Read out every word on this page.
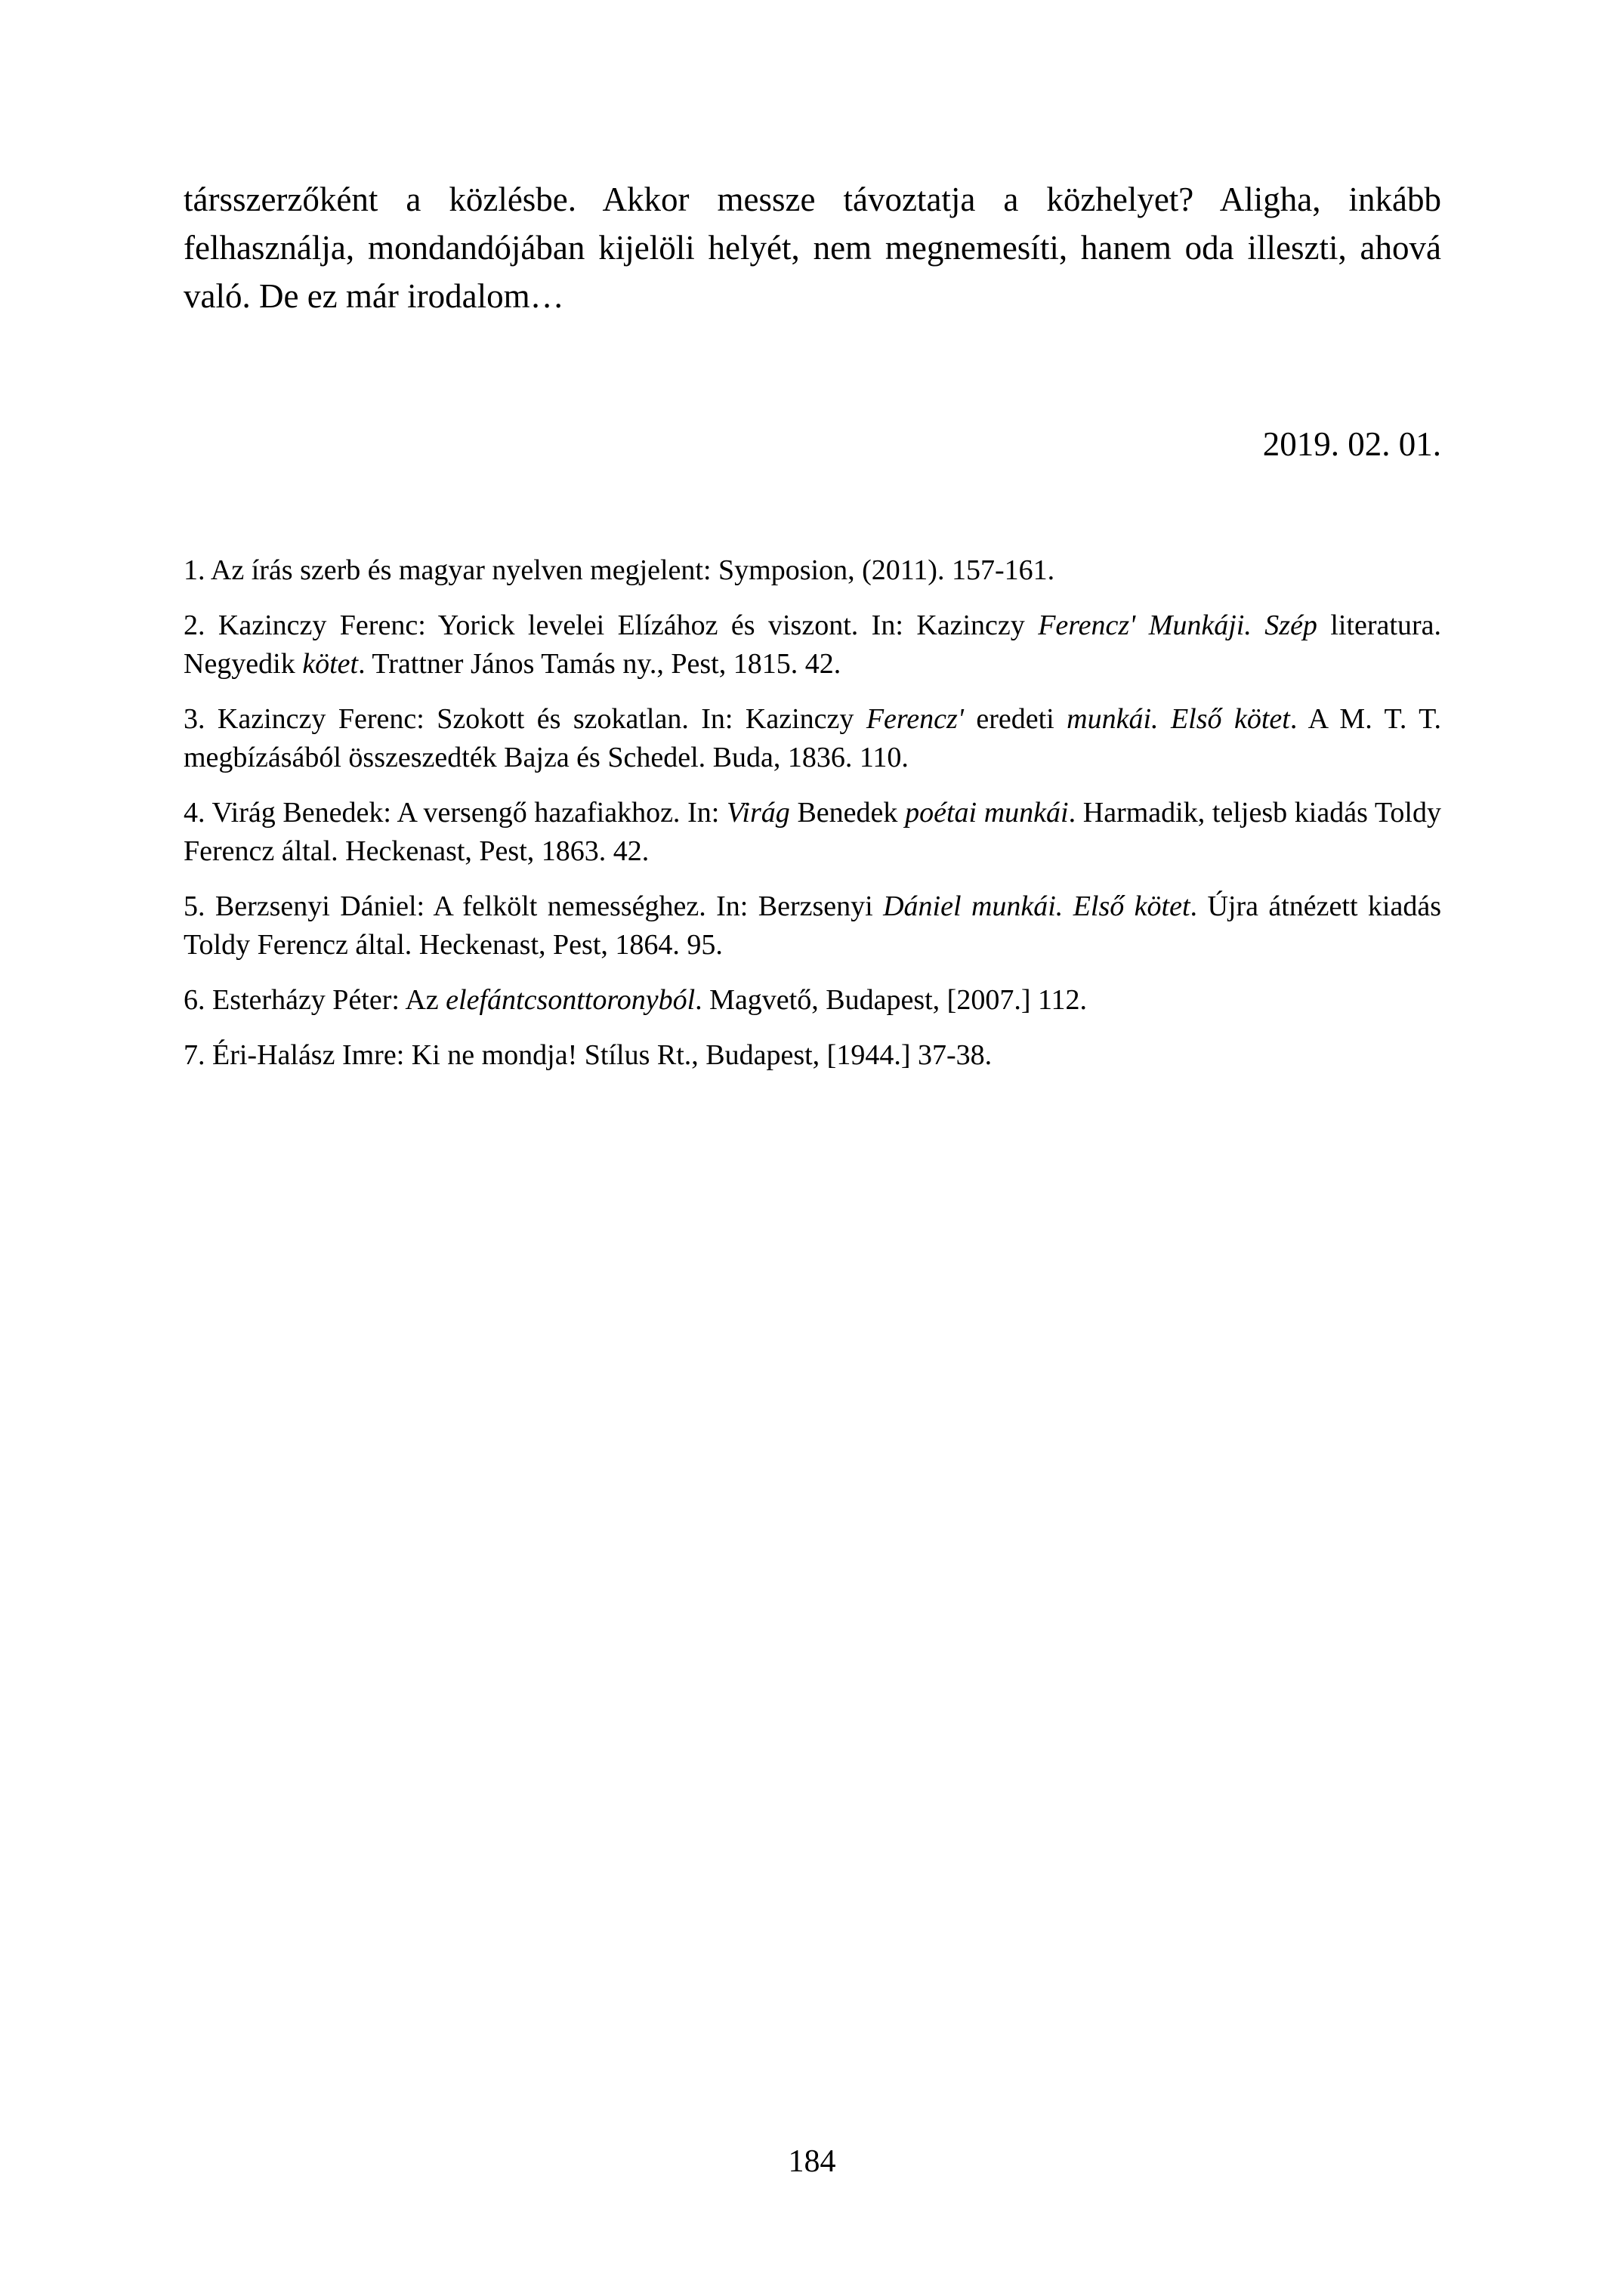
társszerzőként a közlésbe. Akkor messze távoztatja a közhelyet? Aligha, inkább felhasználja, mondandójában kijelöli helyét, nem megnemesíti, hanem oda illeszti, ahová való. De ez már irodalom…

2019. 02. 01.

1. Az írás szerb és magyar nyelven megjelent: Symposion, (2011). 157-161.
2. Kazinczy Ferenc: Yorick levelei Elízához és viszont. In: Kazinczy Ferencz' Munkáji. Szép literatura. Negyedik kötet. Trattner János Tamás ny., Pest, 1815. 42.
3. Kazinczy Ferenc: Szokott és szokatlan. In: Kazinczy Ferencz' eredeti munkái. Első kötet. A M. T. T. megbízásából összeszedték Bajza és Schedel. Buda, 1836. 110.
4. Virág Benedek: A versengő hazafiakhoz. In: Virág Benedek poétai munkái. Harmadik, teljesb kiadás Toldy Ferencz által. Heckenast, Pest, 1863. 42.
5. Berzsenyi Dániel: A felkölt nemességhez. In: Berzsenyi Dániel munkái. Első kötet. Újra átnézett kiadás Toldy Ferencz által. Heckenast, Pest, 1864. 95.
6. Esterházy Péter: Az elefántcsonttoronyból. Magvető, Budapest, [2007.] 112.
7. Éri-Halász Imre: Ki ne mondja! Stílus Rt., Budapest, [1944.] 37-38.

184
